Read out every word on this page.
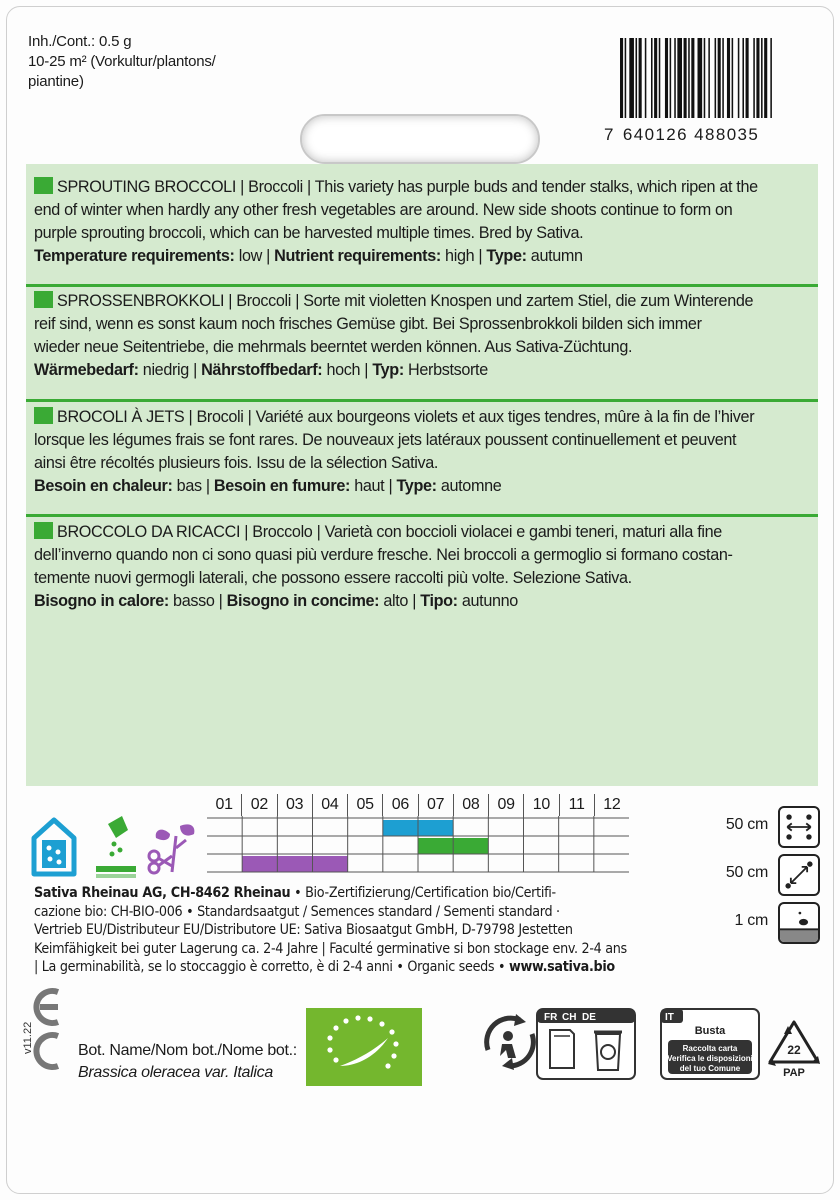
Inh./Cont.: 0.5 g
10-25 m² (Vorkultur/plantons/
piantine)
7 640126 488035
SPROUTING BROCCOLI | Broccoli | This variety has purple buds and tender stalks, which ripen at the
end of winter when hardly any other fresh vegetables are around. New side shoots continue to form on
purple sprouting broccoli, which can be harvested multiple times. Bred by Sativa.
Temperature requirements: low | Nutrient requirements: high | Type: autumn
SPROSSENBROKKOLI | Broccoli | Sorte mit violetten Knospen und zartem Stiel, die zum Winterende
reif sind, wenn es sonst kaum noch frisches Gemüse gibt. Bei Sprossenbrokkoli bilden sich immer
wieder neue Seitentriebe, die mehrmals beerntet werden können. Aus Sativa-Züchtung.
Wärmebedarf: niedrig | Nährstoffbedarf: hoch | Typ: Herbstsorte
BROCOLI À JETS | Brocoli | Variété aux bourgeons violets et aux tiges tendres, mûre à la fin de l’hiver
lorsque les légumes frais se font rares. De nouveaux jets latéraux poussent continuellement et peuvent
ainsi être récoltés plusieurs fois. Issu de la sélection Sativa.
Besoin en chaleur: bas | Besoin en fumure: haut | Type: automne
BROCCOLO DA RICACCI | Broccolo | Varietà con boccioli violacei e gambi teneri, maturi alla fine
dell’inverno quando non ci sono quasi più verdure fresche. Nei broccoli a germoglio si formano costan-
temente nuovi germogli laterali, che possono essere raccolti più volte. Selezione Sativa.
Bisogno in calore: basso | Bisogno in concime: alto | Tipo: autunno
01	02	03	04	05	06	07	08	09	10	11	12
50 cm
50 cm
1 cm
Sativa Rheinau AG, CH-8462 Rheinau • Bio-Zertifizierung/Certification bio/Certifi-
cazione bio: CH-BIO-006 • Standardsaatgut / Semences standard / Sementi standard ·
Vertrieb EU/Distributeur EU/Distributore UE: Sativa Biosaatgut GmbH, D-79798 Jestetten
Keimfähigkeit bei guter Lagerung ca. 2-4 Jahre | Faculté germinative si bon stockage env. 2-4 ans
| La germinabilità, se lo stoccaggio è corretto, è di 2-4 anni • Organic seeds • www.sativa.bio
v11.22	Bot. Name/Nom bot./Nome bot.:
Brassica oleracea var. Italica
FR CH DE	IT
Busta
Raccolta carta
Verifica le disposizioni
del tuo Comune
22
PAP
